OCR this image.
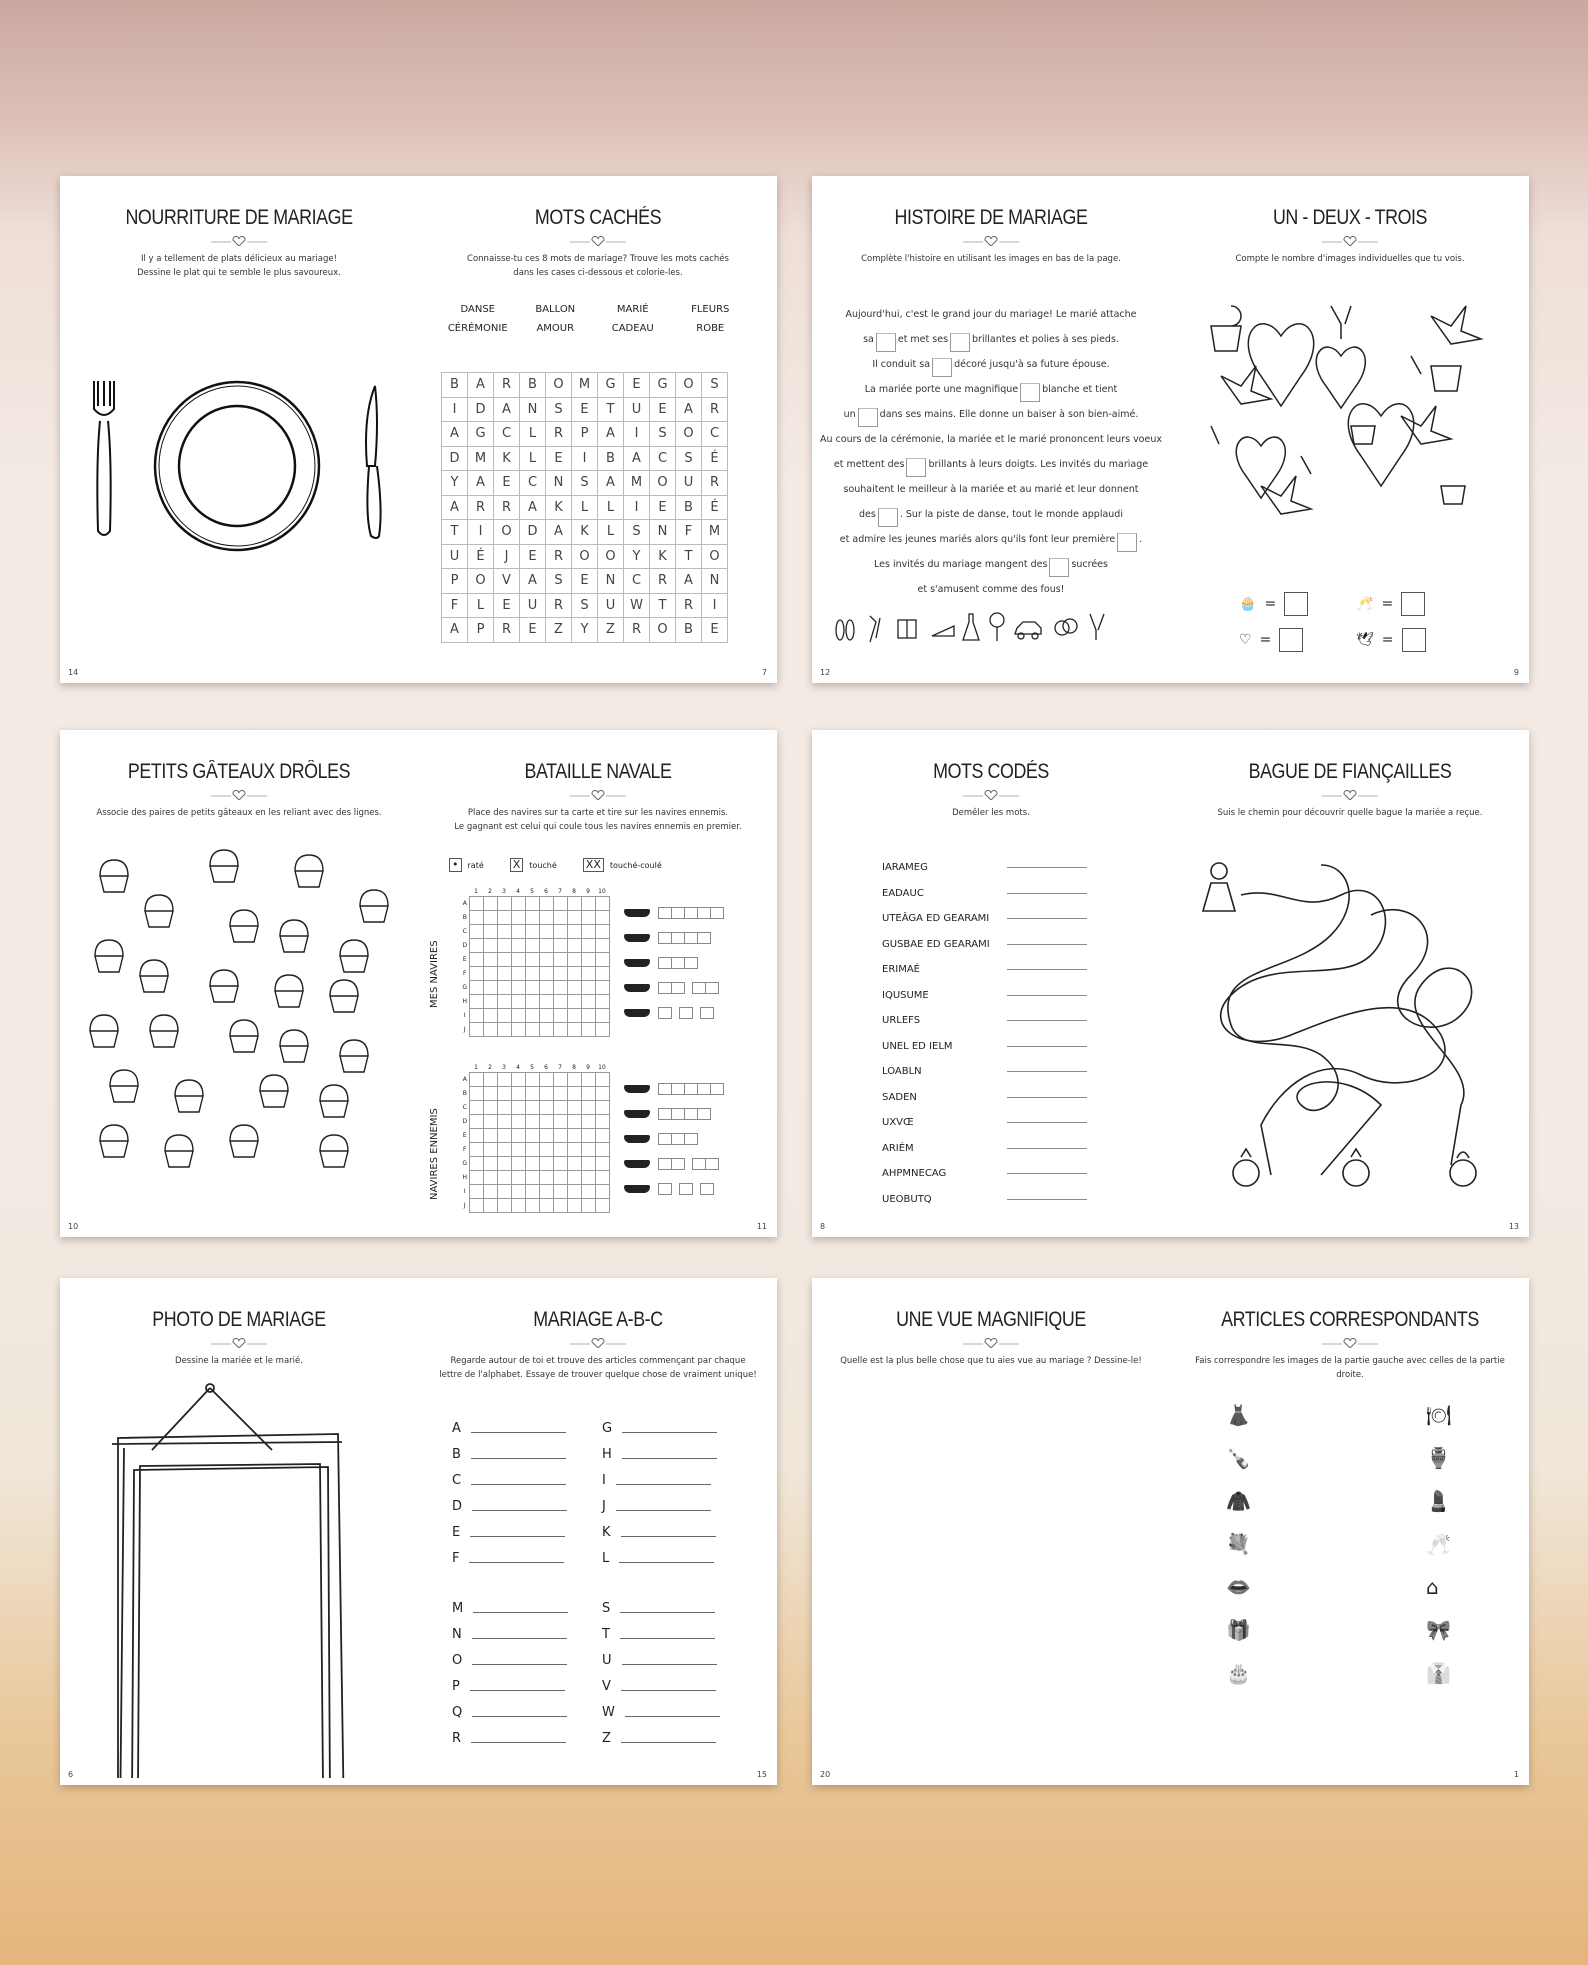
NOURRITURE DE MARIAGE
Il y a tellement de plats délicieux au mariage!
Dessine le plat qui te semble le plus savoureux.
14
MOTS CACHÉS
Connaisse-tu ces 8 mots de mariage? Trouve les mots cachés
dans les cases ci-dessous et colorie-les.
DANSE	BALLON	MARIÉ	FLEURS
CÉRÉMONIE	AMOUR	CADEAU	ROBE
B	A	R	B	O	M	G	E	G	O	S
I	D	A	N	S	E	T	U	E	A	R
A	G	C	L	R	P	A	I	S	O	C
D	M	K	L	E	I	B	A	C	S	É
Y	A	E	C	N	S	A	M	O	U	R
A	R	R	A	K	L	L	I	E	B	É
T	I	O	D	A	K	L	S	N	F	M
U	É	J	E	R	O	O	Y	K	T	O
P	O	V	A	S	E	N	C	R	A	N
F	L	E	U	R	S	U	W	T	R	I
A	P	R	E	Z	Y	Z	R	O	B	E
7
HISTOIRE DE MARIAGE
Complète l'histoire en utilisant les images en bas de la page.
Aujourd'hui, c'est le grand jour du mariage! Le marié attache
sa	et met ses	brillantes et polies à ses pieds.
Il conduit sa	décoré jusqu'à sa future épouse.
La mariée porte une magnifique	blanche et tient
un	dans ses mains. Elle donne un baiser à son bien-aimé.
Au cours de la cérémonie, la mariée et le marié prononcent leurs voeux
et mettent des	brillants à leurs doigts. Les invités du mariage
souhaitent le meilleur à la mariée et au marié et leur donnent
des	. Sur la piste de danse, tout le monde applaudi
et admire les jeunes mariés alors qu'ils font leur première	.
Les invités du mariage mangent des	sucrées
et s'amusent comme des fous!
12
UN - DEUX - TROIS
Compte le nombre d'images individuelles que tu vois.
🧁 =	🥂 =
♡ =	🕊 =
9
PETITS GÂTEAUX DRÔLES
Associe des paires de petits gâteaux en les reliant avec des lignes.
10
BATAILLE NAVALE
Place des navires sur ta carte et tire sur les navires ennemis.
Le gagnant est celui qui coule tous les navires ennemis en premier.
• raté	X touché	XX touché-coulé
MES NAVIRES
	1	2	3	4	5	6	7	8	9	10
A										
B										
C										
D										
E										
F										
G										
H										
I										
J										
NAVIRES ENNEMIS
	1	2	3	4	5	6	7	8	9	10
A										
B										
C										
D										
E										
F										
G										
H										
I										
J										
11
MOTS CODÉS
Demêler les mots.
IARAMEG
EADAUC
UTEÂGA ED GEARAMI
GUSBAE ED GEARAMI
ERIMAÉ
IQUSUME
URLEFS
UNEL ED IELM
LOABLN
SADEN
UXVŒ
ARIÉM
AHPMNECAG
UEOBUTQ
8
BAGUE DE FIANÇAILLES
Suis le chemin pour découvrir quelle bague la mariée a reçue.
13
PHOTO DE MARIAGE
Dessine la mariée et le marié.
6
MARIAGE A-B-C
Regarde autour de toi et trouve des articles commençant par chaque
lettre de l'alphabet. Essaye de trouver quelque chose de vraiment unique!
A
B
C
D
E
F
M
N
O
P
Q
R
G
H
I
J
K
L
S
T
U
V
W
Z
15
UNE VUE MAGNIFIQUE
Quelle est la plus belle chose que tu aies vue au mariage ? Dessine-le!
20
ARTICLES CORRESPONDANTS
Fais correspondre les images de la partie gauche avec celles de la partie droite.
👗	🍽
🍾	🏺
🧥	💄
💐	🥂
👄	⌂
🎁	🎀
🎂	👔
1
